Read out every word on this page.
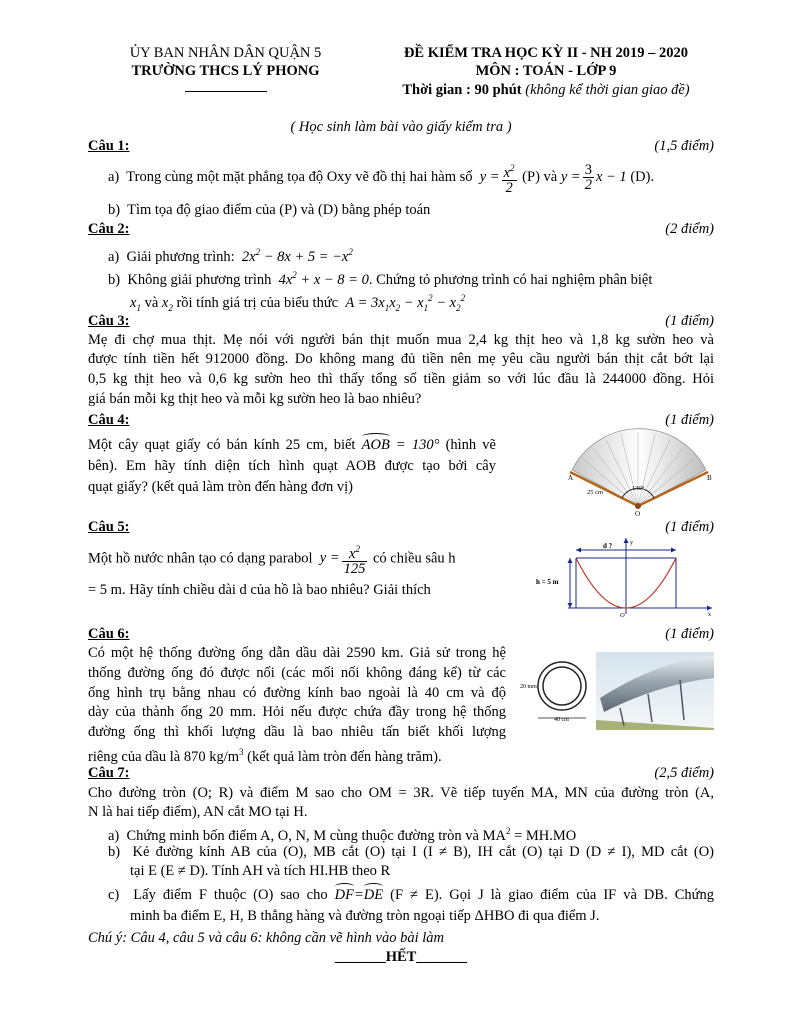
ỦY BAN NHÂN DÂN QUẬN 5
TRƯỜNG THCS LÝ PHONG
ĐỀ KIỂM TRA HỌC KỲ II - NH 2019 – 2020
MÔN : TOÁN - LỚP 9
Thời gian : 90 phút (không kể thời gian giao đề)
( Học sinh làm bài vào giấy kiểm tra )
Câu 1:	(1,5 điểm)
a) Trong cùng một mặt phẳng tọa độ Oxy vẽ đồ thị hai hàm số  $y = \frac{x^2}{2} (P)$ và $y = \frac{3}{2}$ x − 1 (D).
b) Tìm tọa độ giao điểm của (P) và (D) bằng phép toán
Câu 2:	(2 điểm)
a) Giải phương trình:  $2x^2 - 8x + 5 = -x^2$
b) Không giải phương trình  $4x^2 + x - 8 = 0$. Chứng tỏ phương trình có hai nghiệm phân biệt
$x_1$ và $x_2$ rồi tính giá trị của biểu thức  $A = 3x_1x_2 - x_1^2 - x_2^2$
Câu 3:	(1 điểm)
Mẹ đi chợ mua thịt. Mẹ nói với người bán thịt muốn mua 2,4 kg thịt heo và 1,8 kg sườn heo và
được tính tiền hết 912000 đồng. Do không mang đủ tiền nên mẹ yêu cầu người bán thịt cắt bớt lại
0,5 kg thịt heo và 0,6 kg sườn heo thì thấy tổng số tiền giảm so với lúc đầu là 244000 đồng. Hỏi
giá bán mỗi kg thịt heo và mỗi kg sườn heo là bao nhiêu?
Câu 4:	(1 điểm)
Một cây quạt giấy có bán kính 25 cm, biết AOB
= 130° (hình vẽ
bên). Em hãy tính diện tích hình quạt AOB được tạo bởi cây
quạt giấy? (kết quả làm tròn đến hàng đơn vị)
A	B
25 cm
130°
O
Câu 5:	(1 điểm)
Một hồ nước nhân tạo có dạng parabol  $y = \frac{x^2}{125}$ có chiều sâu h
= 5 m. Hãy tính chiều dài d của hồ là bao nhiêu? Giải thích
d ?
h = 5 m
O
y
x
Câu 6:	(1 điểm)
Có một hệ thống đường ống dẫn dầu dài 2590 km. Giả sử trong hệ
thống đường ống đó được nối (các mối nối không đáng kể) từ các
ống hình trụ bằng nhau có đường kính bao ngoài là 40 cm và độ
dày của thành ống 20 mm. Hỏi nếu được chứa đầy trong hệ thống
đường ống thì khối lượng dầu là bao nhiêu tấn biết khối lượng
riêng của dầu là 870 $kg/m^3$ (kết quả làm tròn đến hàng trăm).
20 mm
40 cm
Câu 7:	(2,5 điểm)
Cho đường tròn (O; R) và điểm M sao cho OM = 3R. Vẽ tiếp tuyến MA, MN của đường tròn (A,
N là hai tiếp điểm), AN cắt MO tại H.
a) Chứng minh bốn điểm A, O, N, M cùng thuộc đường tròn và $MA^2 = MH.MO$
b) Kẻ đường kính AB của (O), MB cắt (O) tại I (I ≠ B), IH cắt (O) tại D (D ≠ I), MD cắt (O)
tại E (E ≠ D). Tính AH và tích HI.HB theo R
c) Lấy điểm F thuộc (O) sao cho DF
=DE (F ≠ E). Gọi J là giao điểm của IF và DB. Chứng
minh ba điểm E, H, B thẳng hàng và đường tròn ngoại tiếp ΔHBO đi qua điểm J.
Chú ý: Câu 4, câu 5 và câu 6: không cần vẽ hình vào bài làm
_______HẾT_______
